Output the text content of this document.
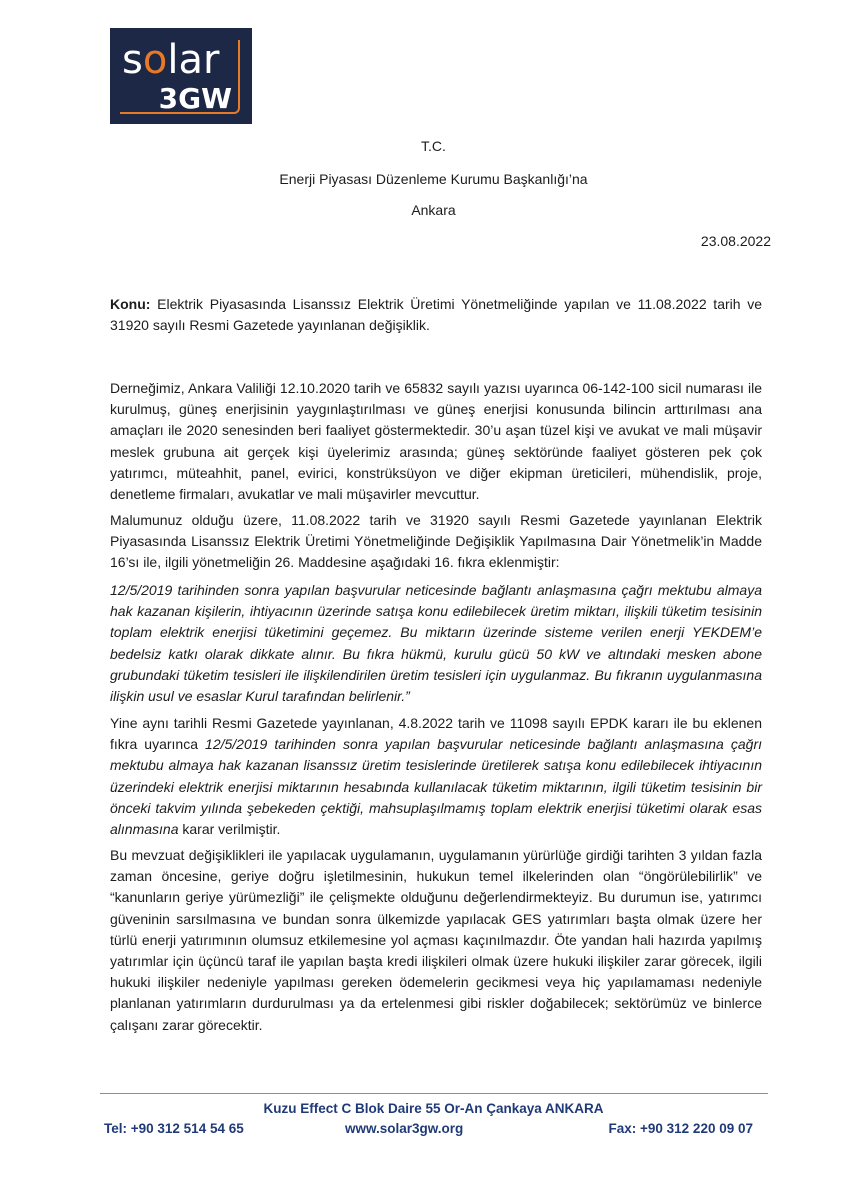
solar
3GW
T.C.
Enerji Piyasası Düzenleme Kurumu Başkanlığı’na
Ankara
23.08.2022

Konu: Elektrik Piyasasında Lisanssız Elektrik Üretimi Yönetmeliğinde yapılan ve 11.08.2022 tarih ve 31920 sayılı Resmi Gazetede yayınlanan değişiklik.

Derneğimiz, Ankara Valiliği 12.10.2020 tarih ve 65832 sayılı yazısı uyarınca 06-142-100 sicil numarası ile kurulmuş, güneş enerjisinin yaygınlaştırılması ve güneş enerjisi konusunda bilincin arttırılması ana amaçları ile 2020 senesinden beri faaliyet göstermektedir. 30’u aşan tüzel kişi ve avukat ve mali müşavir meslek grubuna ait gerçek kişi üyelerimiz arasında; güneş sektöründe faaliyet gösteren pek çok yatırımcı, müteahhit, panel, evirici, konstrüksüyon ve diğer ekipman üreticileri, mühendislik, proje, denetleme firmaları, avukatlar ve mali müşavirler mevcuttur.

Malumunuz olduğu üzere, 11.08.2022 tarih ve 31920 sayılı Resmi Gazetede yayınlanan Elektrik Piyasasında Lisanssız Elektrik Üretimi Yönetmeliğinde Değişiklik Yapılmasına Dair Yönetmelik’in Madde 16’sı ile, ilgili yönetmeliğin 26. Maddesine aşağıdaki 16. fıkra eklenmiştir:

12/5/2019 tarihinden sonra yapılan başvurular neticesinde bağlantı anlaşmasına çağrı mektubu almaya hak kazanan kişilerin, ihtiyacının üzerinde satışa konu edilebilecek üretim miktarı, ilişkili tüketim tesisinin toplam elektrik enerjisi tüketimini geçemez. Bu miktarın üzerinde sisteme verilen enerji YEKDEM’e bedelsiz katkı olarak dikkate alınır. Bu fıkra hükmü, kurulu gücü 50 kW ve altındaki mesken abone grubundaki tüketim tesisleri ile ilişkilendirilen üretim tesisleri için uygulanmaz. Bu fıkranın uygulanmasına ilişkin usul ve esaslar Kurul tarafından belirlenir.”

Yine aynı tarihli Resmi Gazetede yayınlanan, 4.8.2022 tarih ve 11098 sayılı EPDK kararı ile bu eklenen fıkra uyarınca 12/5/2019 tarihinden sonra yapılan başvurular neticesinde bağlantı anlaşmasına çağrı mektubu almaya hak kazanan lisanssız üretim tesislerinde üretilerek satışa konu edilebilecek ihtiyacının üzerindeki elektrik enerjisi miktarının hesabında kullanılacak tüketim miktarının, ilgili tüketim tesisinin bir önceki takvim yılında şebekeden çektiği, mahsuplaşılmamış toplam elektrik enerjisi tüketimi olarak esas alınmasına karar verilmiştir.

Bu mevzuat değişiklikleri ile yapılacak uygulamanın, uygulamanın yürürlüğe girdiği tarihten 3 yıldan fazla zaman öncesine, geriye doğru işletilmesinin, hukukun temel ilkelerinden olan “öngörülebilirlik” ve “kanunların geriye yürümezliği” ile çelişmekte olduğunu değerlendirmekteyiz. Bu durumun ise, yatırımcı güveninin sarsılmasına ve bundan sonra ülkemizde yapılacak GES yatırımları başta olmak üzere her türlü enerji yatırımının olumsuz etkilemesine yol açması kaçınılmazdır. Öte yandan hali hazırda yapılmış yatırımlar için üçüncü taraf ile yapılan başta kredi ilişkileri olmak üzere hukuki ilişkiler zarar görecek, ilgili hukuki ilişkiler nedeniyle yapılması gereken ödemelerin gecikmesi veya hiç yapılamaması nedeniyle planlanan yatırımların durdurulması ya da ertelenmesi gibi riskler doğabilecek; sektörümüz ve binlerce çalışanı zarar görecektir.

Kuzu Effect C Blok Daire 55 Or-An Çankaya ANKARA
Tel: +90 312 514 54 65	www.solar3gw.org	Fax: +90 312 220 09 07
